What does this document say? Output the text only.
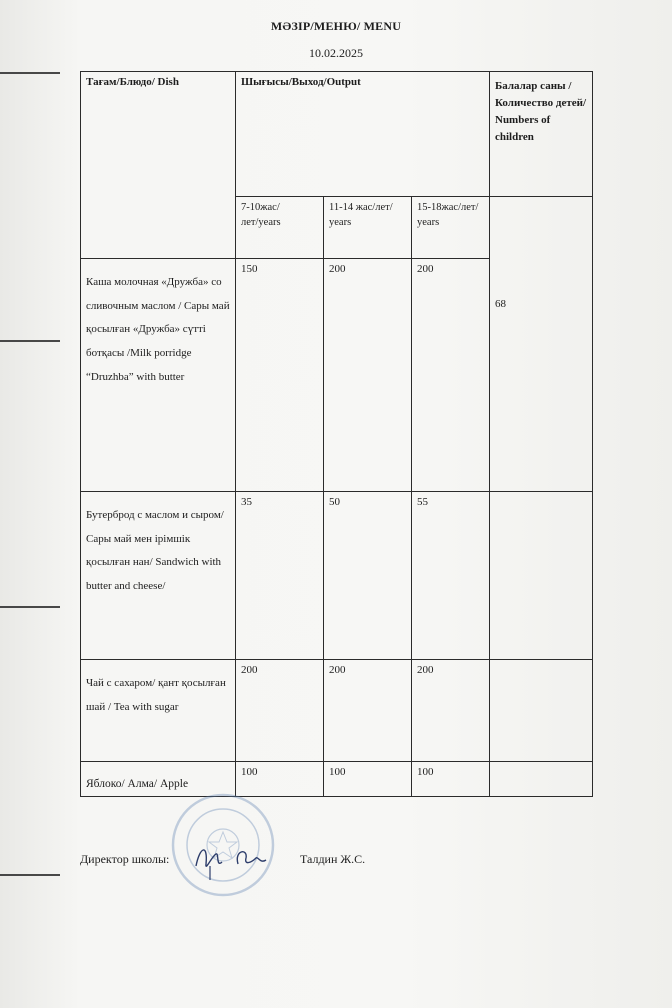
МӘЗІР/МЕНЮ/ MENU
10.02.2025
Тағам/Блюдо/ Dish	Шығысы/Выход/Output			Балалар саны /Количество детей/ Numbers of children
	7-10жас/лет/years	11-14 жас/лет/ years	15-18жас/лет/ years	68
Каша молочная «Дружба» со сливочным маслом / Сары май қосылған «Дружба» сүтті ботқасы /Milk porridge “Druzhba” with butter	150	200	200	
Бутерброд с маслом и сыром/ Сары май мен ірімшік қосылған нан/ Sandwich with butter and cheese/	35	50	55	
Чай с сахаром/ қант қосылған шай / Tea with sugar	200	200	200	
Яблоко/ Алма/ Apple	100	100	100	
Директор школы:	Талдин Ж.С.
